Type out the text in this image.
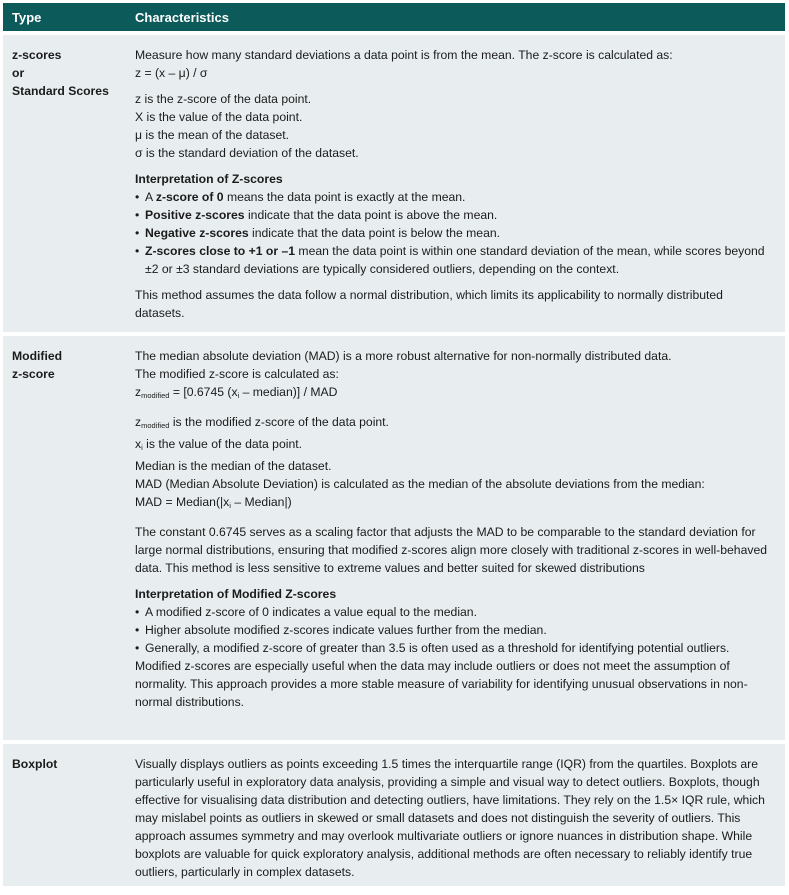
Type	Characteristics
z-scores
or
Standard Scores

Measure how many standard deviations a data point is from the mean. The z-score is calculated as:

z = (x – μ) / σ

z is the z-score of the data point.

X is the value of the data point.

μ is the mean of the dataset.

σ is the standard deviation of the dataset.

Interpretation of Z-scores

• A z-score of 0 means the data point is exactly at the mean.
• Positive z-scores indicate that the data point is above the mean.
• Negative z-scores indicate that the data point is below the mean.
• Z-scores close to +1 or –1 mean the data point is within one standard deviation of the mean, while scores beyond ±2 or ±3 standard deviations are typically considered outliers, depending on the context.

This method assumes the data follow a normal distribution, which limits its applicability to normally distributed datasets.

Modified
z-score

The median absolute deviation (MAD) is a more robust alternative for non-normally distributed data.

The modified z-score is calculated as:

$z_{modified} = [0.6745$ ($x_i$ – median)] / MAD

$z_{modified}$ is the modified z-score of the data point.

$x_i$ is the value of the data point.

Median is the median of the dataset.

MAD (Median Absolute Deviation) is calculated as the median of the absolute deviations from the median:

MAD = $Median(|x_i$ – Median|)

The constant 0.6745 serves as a scaling factor that adjusts the MAD to be comparable to the standard deviation for large normal distributions, ensuring that modified z-scores align more closely with traditional z-scores in well-behaved data. This method is less sensitive to extreme values and better suited for skewed distributions

Interpretation of Modified Z-scores

• A modified z-score of 0 indicates a value equal to the median.
• Higher absolute modified z-scores indicate values further from the median.
• Generally, a modified z-score of greater than 3.5 is often used as a threshold for identifying potential outliers.

Modified z-scores are especially useful when the data may include outliers or does not meet the assumption of normality. This approach provides a more stable measure of variability for identifying unusual observations in non-normal distributions.

Boxplot	Visually displays outliers as points exceeding 1.5 times the interquartile range (IQR) from the quartiles. Boxplots are particularly useful in exploratory data analysis, providing a simple and visual way to detect outliers. Boxplots, though effective for visualising data distribution and detecting outliers, have limitations. They rely on the 1.5× IQR rule, which may mislabel points as outliers in skewed or small datasets and does not distinguish the severity of outliers. This approach assumes symmetry and may overlook multivariate outliers or ignore nuances in distribution shape. While boxplots are valuable for quick exploratory analysis, additional methods are often necessary to reliably identify true outliers, particularly in complex datasets.
